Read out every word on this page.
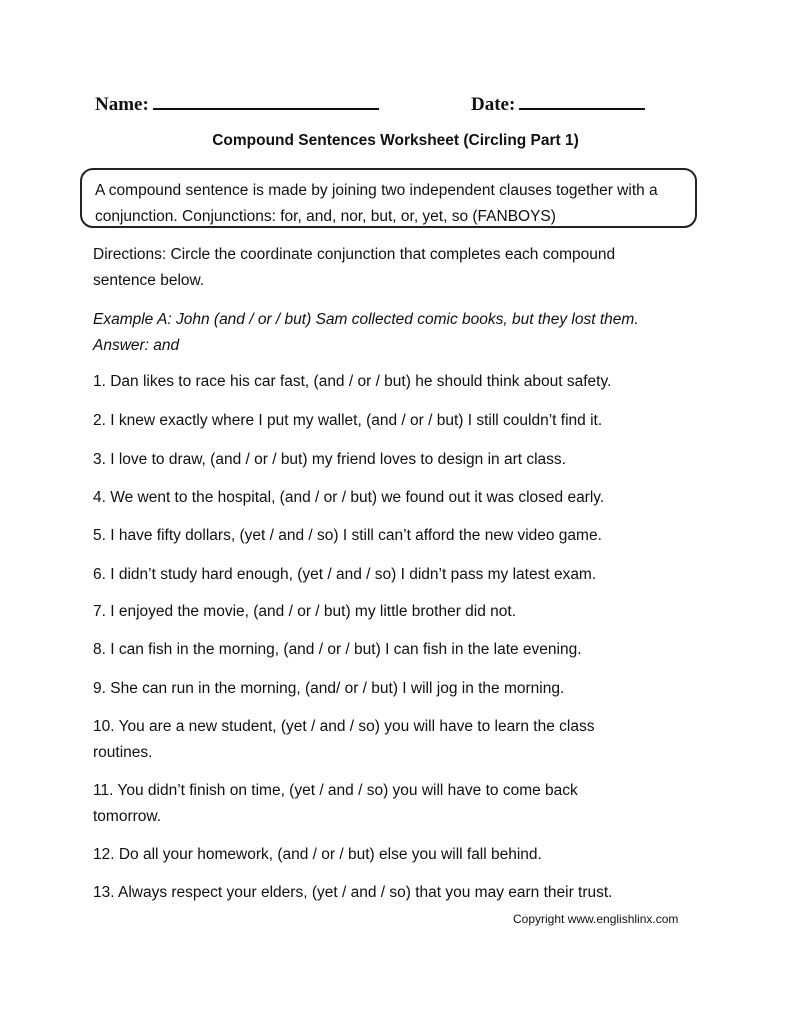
Name:	Date:
Compound Sentences Worksheet (Circling Part 1)
A compound sentence is made by joining two independent clauses together with a
conjunction. Conjunctions: for, and, nor, but, or, yet, so (FANBOYS)
Directions: Circle the coordinate conjunction that completes each compound
sentence below.
Example A: John (and / or / but) Sam collected comic books, but they lost them.
Answer: and
1. Dan likes to race his car fast, (and / or / but) he should think about safety.
2. I knew exactly where I put my wallet, (and / or / but) I still couldn’t find it.
3. I love to draw, (and / or / but) my friend loves to design in art class.
4. We went to the hospital, (and / or / but) we found out it was closed early.
5. I have fifty dollars, (yet / and / so) I still can’t afford the new video game.
6. I didn’t study hard enough, (yet / and / so) I didn’t pass my latest exam.
7. I enjoyed the movie, (and / or / but) my little brother did not.
8. I can fish in the morning, (and / or / but) I can fish in the late evening.
9. She can run in the morning, (and/ or / but) I will jog in the morning.
10. You are a new student, (yet / and / so) you will have to learn the class
routines.
11. You didn’t finish on time, (yet / and / so) you will have to come back
tomorrow.
12. Do all your homework, (and / or / but) else you will fall behind.
13. Always respect your elders, (yet / and / so) that you may earn their trust.
Copyright www.englishlinx.com
